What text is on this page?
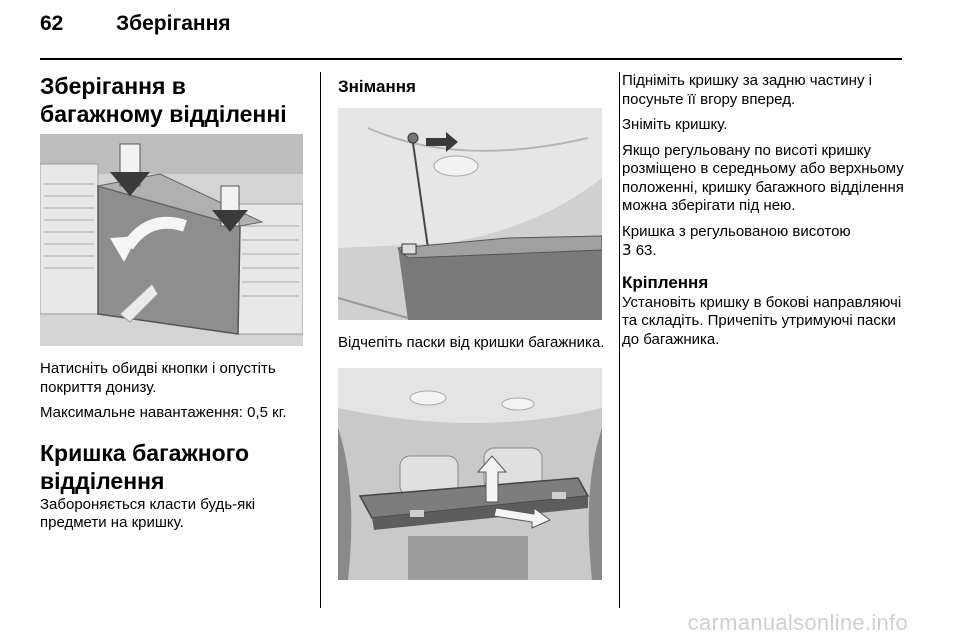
62	Зберігання
Зберігання в багажному відділенні

Натисніть обидві кнопки і опустіть покриття донизу.

Максимальне навантаження: 0,5 кг.

Кришка багажного відділення

Забороняється класти будь-які предмети на кришку.

Знімання

Відчепіть паски від кришки багажника.

Підніміть кришку за задню частину і посуньте її вгору вперед.

Зніміть кришку.

Якщо регульовану по висоті кришку розміщено в середньому або верхньому положенні, кришку багажного відділення можна зберігати під нею.

Кришка з регульованою висотою
3 63.

Кріплення

Установіть кришку в бокові направляючі та складіть. Причепіть утримуючі паски до багажника.

carmanualsonline.info
